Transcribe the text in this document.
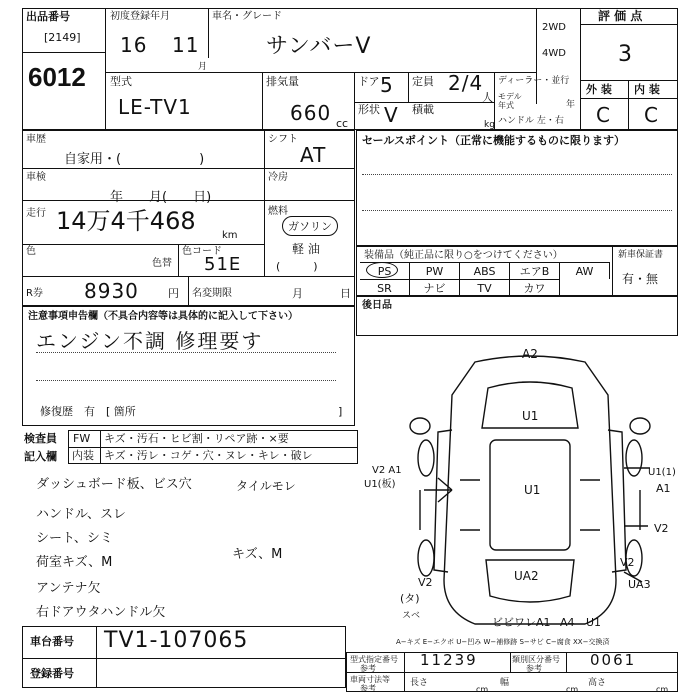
出品番号
[2149]
6012
初度登録年月
16 11
月
車名・グレード
サンバーV
2WD
4WD
評 価 点
3
型式
LE-TV1
排気量
660 cc
ドア 5 定員 2/4
人
形状 V 積載
kg
ディーラー・並行
モデル年式	年
ハンドル 左・右
外 装 内 装
C C
車歴
自家用・(　　　　　　)
シフト
AT
車検
年　　月(　　日)
冷房
走行 14万4千468
km
燃料
ガソリン
軽 油
(　　　)
色
色替
色コード
51E
R券 8930	円 名変期限	月	日
注意事項申告欄（不具合内容等は具体的に記入して下さい）
エンジン不調 修理要す
修復歴　有　[ 箇所	]
セールスポイント（正常に機能するものに限ります）
装備品（純正品に限り○をつけてください）	新車保証書
有・無
PS	PW	ABS	エアB	AW
SR	ナビ	TV	カワ
後日品
検査員
記入欄
FW キズ・汚石・ヒビ割・リペア跡・×要
内装 キズ・汚レ・コゲ・穴・ヌレ・キレ・破レ
ダッシュボード板、ビス穴	タイルモレ
ハンドル、スレ
シート、シミ
荷室キズ、M
キズ、M
アンテナ欠
右ドアウタハンドル欠
A2
U1
U1
UA2
V2 A1
U1(板)
U1(1)
A1
V2
V2
V2
UA3
A1 A4 U1
ビビワレ
(タ)
スベ
A−キズ E−エクボ U−凹み W−補修跡 S−サビ C−腐食 XX−交換済
車台番号 TV1-107065
登録番号
型式指定番号
参考	11239	類別区分番号
参考	0061
車両寸法等
参考
長さ
cm
幅
cm
高さ
cm
